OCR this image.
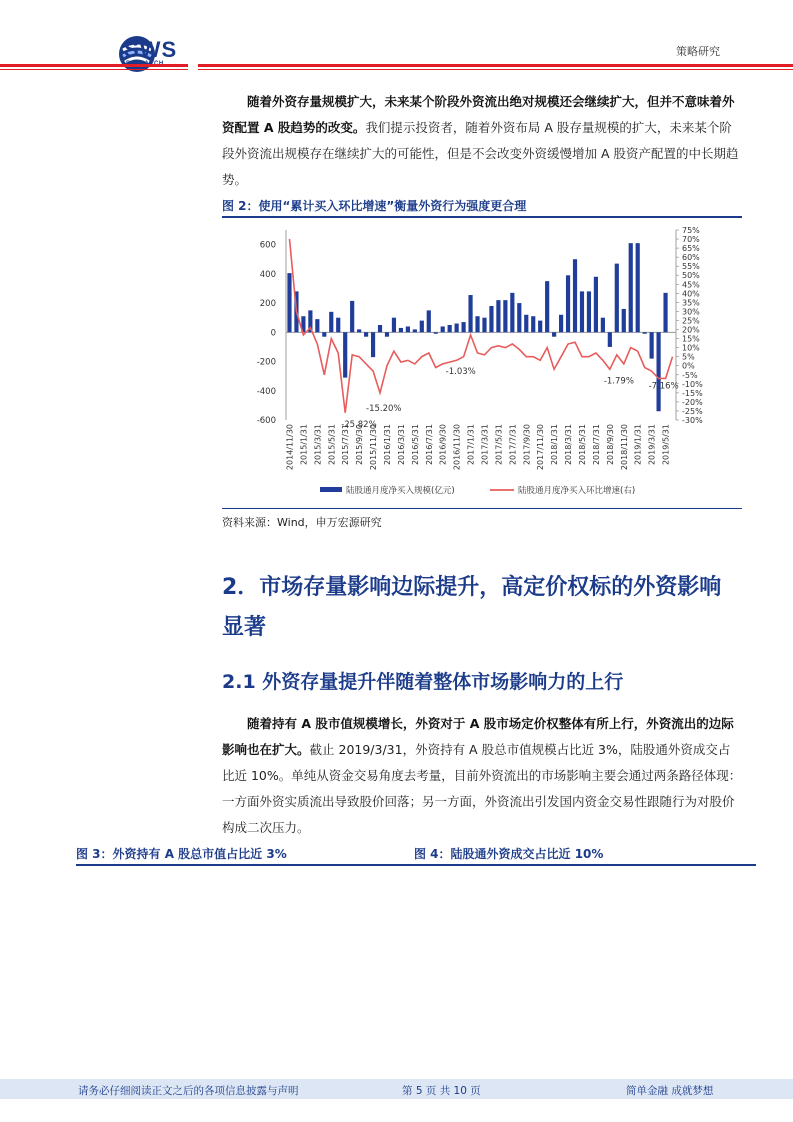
SWS	策略研究
随着外资存量规模扩大，未来某个阶段外资流出绝对规模还会继续扩大，但并不意味着外资配置 A 股趋势的改变。我们提示投资者，随着外资布局 A 股存量规模的扩大，未来某个阶段外资流出规模存在继续扩大的可能性，但是不会改变外资缓慢增加 A 股资产配置的中长期趋势。
图 2：使用“累计买入环比增速”衡量外资行为强度更合理
600
400
200
0
-200
-400
-600
75%
70%
65%
60%
55%
50%
45%
40%
35%
30%
25%
20%
15%
10%
5%
0%
-5%
-10%
-15%
-20%
-25%
-30%
2014/11/30 2015/1/31 2015/3/31 2015/5/31 2015/7/31 2015/9/30 2015/11/30 2016/1/31 2016/3/31 2016/5/31 2016/7/31 2016/9/30 2016/11/30 2017/1/31 2017/3/31 2017/5/31 2017/7/31 2017/9/30 2017/11/30 2018/1/31 2018/3/31 2018/5/31 2018/7/31 2018/9/30 2018/11/30 2019/1/31 2019/3/31 2019/5/31
-25.82%
-15.20%
-1.03%
-1.79%
-7.16%
陆股通月度净买入规模(亿元)	陆股通月度净买入环比增速(右)
资料来源：Wind，申万宏源研究
2．市场存量影响边际提升，高定价权标的外资影响显著
2.1 外资存量提升伴随着整体市场影响力的上行
随着持有 A 股市值规模增长，外资对于 A 股市场定价权整体有所上行，外资流出的边际影响也在扩大。截止 2019/3/31，外资持有 A 股总市值规模占比近 3%，陆股通外资成交占比近 10%。单纯从资金交易角度去考量，目前外资流出的市场影响主要会通过两条路径体现：一方面外资实质流出导致股价回落；另一方面，外资流出引发国内资金交易性跟随行为对股价构成二次压力。
图 3：外资持有 A 股总市值占比近 3%	图 4：陆股通外资成交占比近 10%
请务必仔细阅读正文之后的各项信息披露与声明	第 5 页 共 10 页	简单金融 成就梦想
